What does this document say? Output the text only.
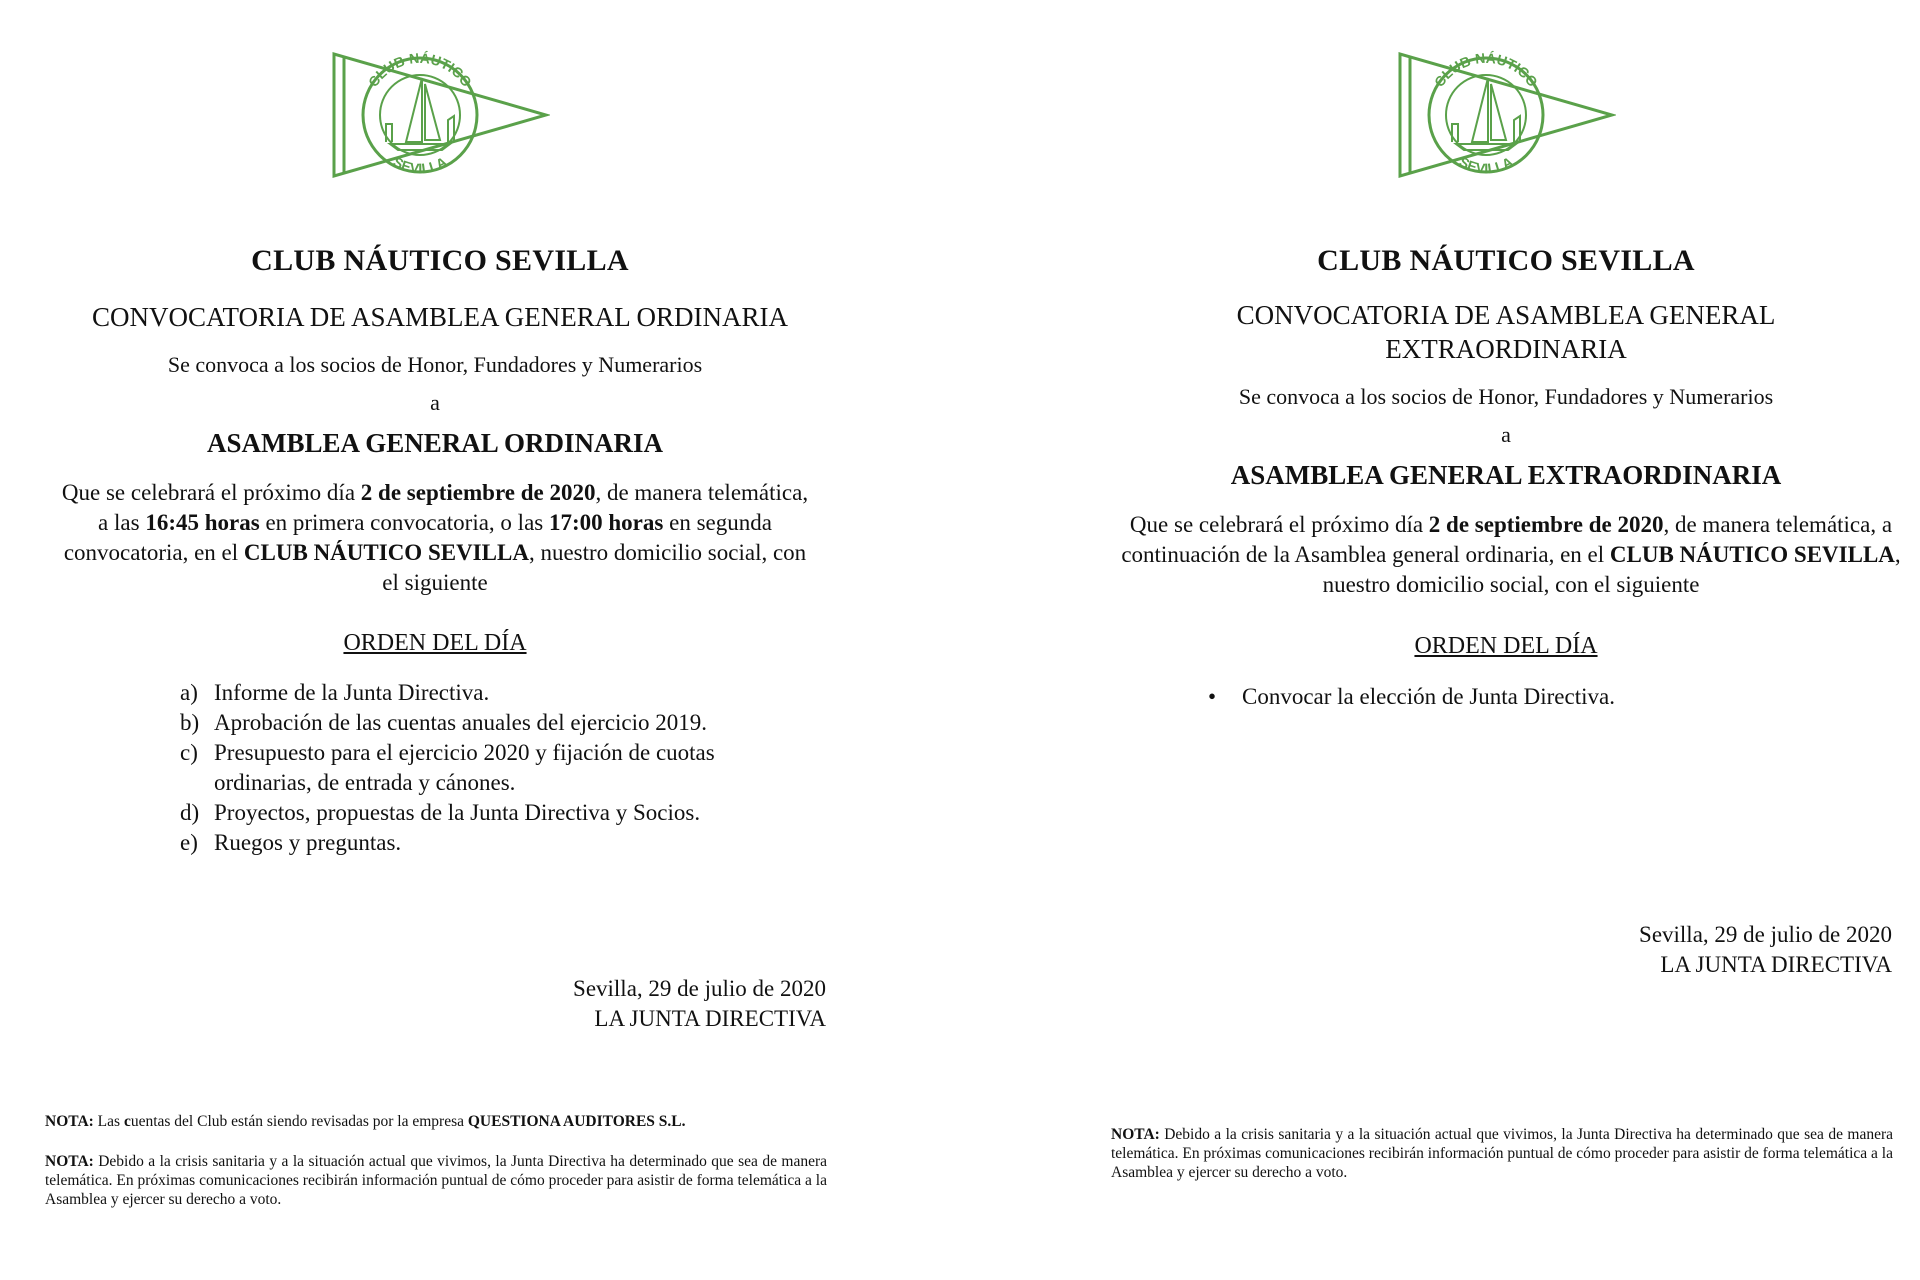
CLUB NÁUTICO
SEVILLA
CLUB NÁUTICO SEVILLA
CONVOCATORIA DE ASAMBLEA GENERAL ORDINARIA
Se convoca a los socios de Honor, Fundadores y Numerarios
a
ASAMBLEA GENERAL ORDINARIA
Que se celebrará el próximo día 2 de septiembre de 2020, de manera telemática, a las 16:45 horas en primera convocatoria, o las 17:00 horas en segunda convocatoria, en el CLUB NÁUTICO SEVILLA, nuestro domicilio social, con el siguiente
ORDEN DEL DÍA
a) Informe de la Junta Directiva.
b) Aprobación de las cuentas anuales del ejercicio 2019.
c) Presupuesto para el ejercicio 2020 y fijación de cuotas ordinarias, de entrada y cánones.
d) Proyectos, propuestas de la Junta Directiva y Socios.
e) Ruegos y preguntas.
Sevilla, 29 de julio de 2020
LA JUNTA DIRECTIVA
NOTA: Las cuentas del Club están siendo revisadas por la empresa QUESTIONA AUDITORES S.L.
NOTA: Debido a la crisis sanitaria y a la situación actual que vivimos, la Junta Directiva ha determinado que sea de manera telemática. En próximas comunicaciones recibirán información puntual de cómo proceder para asistir de forma telemática a la Asamblea y ejercer su derecho a voto.
CLUB NÁUTICO
SEVILLA
CLUB NÁUTICO SEVILLA
CONVOCATORIA DE ASAMBLEA GENERAL
EXTRAORDINARIA
Se convoca a los socios de Honor, Fundadores y Numerarios
a
ASAMBLEA GENERAL EXTRAORDINARIA
Que se celebrará el próximo día 2 de septiembre de 2020, de manera telemática, a continuación de la Asamblea general ordinaria, en el CLUB NÁUTICO SEVILLA, nuestro domicilio social, con el siguiente
ORDEN DEL DÍA
• Convocar la elección de Junta Directiva.
Sevilla, 29 de julio de 2020
LA JUNTA DIRECTIVA
NOTA: Debido a la crisis sanitaria y a la situación actual que vivimos, la Junta Directiva ha determinado que sea de manera telemática. En próximas comunicaciones recibirán información puntual de cómo proceder para asistir de forma telemática a la Asamblea y ejercer su derecho a voto.
